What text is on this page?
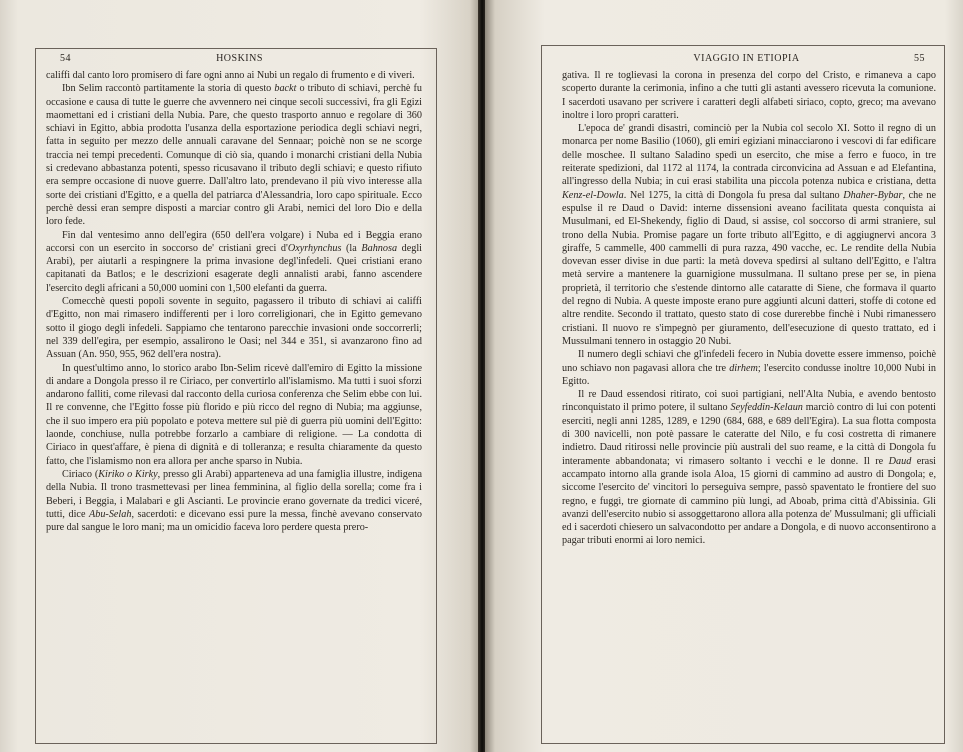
54	HOSKINS

califfi dal canto loro promisero di fare ogni anno ai Nubi un regalo di frumento e di viveri.

Ibn Selim raccontò partitamente la storia di questo backt o tributo di schiavi, perchè fu occasione e causa di tutte le guerre che avvennero nei cinque secoli successivi, fra gli Egizi maomettani ed i cristiani della Nubia. Pare, che questo trasporto annuo e regolare di 360 schiavi in Egitto, abbia prodotta l'usanza della esportazione periodica degli schiavi negri, fatta in seguito per mezzo delle annuali caravane del Sennaar; poichè non se ne scorge traccia nei tempi precedenti. Comunque di ciò sia, quando i monarchi cristiani della Nubia si credevano abbastanza potenti, spesso ricusavano il tributo degli schiavi; e questo rifiuto era sempre occasione di nuove guerre. Dall'altro lato, prendevano il più vivo interesse alla sorte dei cristiani d'Egitto, e a quella del patriarca d'Alessandria, loro capo spirituale. Ecco perchè dessi eran sempre disposti a marciar contro gli Arabi, nemici del loro Dio e della loro fede.

Fin dal ventesimo anno dell'egira (650 dell'era volgare) i Nuba ed i Beggia erano accorsi con un esercito in soccorso de' cristiani greci d'Oxyrhynchus (la Bahnosa degli Arabi), per aiutarli a respingnere la prima invasione degl'infedeli. Quei cristiani erano capitanati da Batlos; e le descrizioni esagerate degli annalisti arabi, fanno ascendere l'esercito degli africani a 50,000 uomini con 1,500 elefanti da guerra.

Comecchè questi popoli sovente in seguito, pagassero il tributo di schiavi ai califfi d'Egitto, non mai rimasero indifferenti per i loro correligionari, che in Egitto gemevano sotto il giogo degli infedeli. Sappiamo che tentarono parecchie invasioni onde soccorrerli; nel 339 dell'egira, per esempio, assalirono le Oasi; nel 344 e 351, si avanzarono fino ad Assuan (An. 950, 955, 962 dell'era nostra).

In quest'ultimo anno, lo storico arabo Ibn-Selim ricevè dall'emiro di Egitto la missione di andare a Dongola presso il re Ciriaco, per convertirlo all'islamismo. Ma tutti i suoi sforzi andarono falliti, come rilevasi dal racconto della curiosa conferenza che Selim ebbe con lui. Il re convenne, che l'Egitto fosse più florido e più ricco del regno di Nubia; ma aggiunse, che il suo impero era più popolato e poteva mettere sul piè di guerra più uomini dell'Egitto: laonde, conchiuse, nulla potrebbe forzarlo a cambiare di religione. — La condotta di Ciriaco in quest'affare, è piena di dignità e di tolleranza; e resulta chiaramente da questo fatto, che l'islamismo non era allora per anche sparso in Nubia.

Ciriaco (Kiriko o Kirky, presso gli Arabi) apparteneva ad una famiglia illustre, indigena della Nubia. Il trono trasmettevasi per linea femminina, al figlio della sorella; come fra i Beberi, i Beggia, i Malabari e gli Ascianti. Le provincie erano governate da tredici viceré, tutti, dice Abu-Selah, sacerdoti: e dicevano essi pure la messa, finchè avevano conservato pure dal sangue le loro mani; ma un omicidio faceva loro perdere questa prero-

VIAGGIO IN ETIOPIA	55

gativa. Il re toglievasi la corona in presenza del corpo del Cristo, e rimaneva a capo scoperto durante la cerimonia, infino a che tutti gli astanti avessero ricevuta la comunione. I sacerdoti usavano per scrivere i caratteri degli alfabeti siriaco, copto, greco; ma avevano inoltre i loro propri caratteri.

L'epoca de' grandi disastri, cominciò per la Nubia col secolo XI. Sotto il regno di un monarca per nome Basilio (1060), gli emiri egiziani minacciarono i vescovi di far edificare delle moschee. Il sultano Saladino spedì un esercito, che mise a ferro e fuoco, in tre reiterate spedizioni, dal 1172 al 1174, la contrada circonvicina ad Assuan e ad Elefantina, all'ingresso della Nubia; in cui erasi stabilita una piccola potenza nubica e cristiana, detta Kenz-el-Dowla. Nel 1275, la città di Dongola fu presa dal sultano Dhaher-Bybar, che ne espulse il re Daud o David: interne dissensioni aveano facilitata questa conquista ai Musulmani, ed El-Shekendy, figlio di Daud, si assise, col soccorso di armi straniere, sul trono della Nubia. Promise pagare un forte tributo all'Egitto, e di aggiugnervi ancora 3 giraffe, 5 cammelle, 400 cammelli di pura razza, 490 vacche, ec. Le rendite della Nubia dovevan esser divise in due parti: la metà doveva spedirsi al sultano dell'Egitto, e l'altra metà servire a mantenere la guarnigione mussulmana. Il sultano prese per se, in piena proprietà, il territorio che s'estende dintorno alle cataratte di Siene, che formava il quarto del regno di Nubia. A queste imposte erano pure aggiunti alcuni datteri, stoffe di cotone ed altre rendite. Secondo il trattato, questo stato di cose durerebbe finchè i Nubi rimanessero cristiani. Il nuovo re s'impegnò per giuramento, dell'esecuzione di questo trattato, ed i Mussulmani tennero in ostaggio 20 Nubi.

Il numero degli schiavi che gl'infedeli fecero in Nubia dovette essere immenso, poichè uno schiavo non pagavasi allora che tre dirhem; l'esercito condusse inoltre 10,000 Nubi in Egitto.

Il re Daud essendosi ritirato, coi suoi partigiani, nell'Alta Nubia, e avendo bentosto rinconquistato il primo potere, il sultano Seyfeddin-Kelaun marciò contro di lui con potenti eserciti, negli anni 1285, 1289, e 1290 (684, 688, e 689 dell'Egira). La sua flotta composta di 300 navicelli, non potè passare le cateratte del Nilo, e fu così costretta di rimanere indietro. Daud ritirossi nelle provincie più australi del suo reame, e la città di Dongola fu interamente abbandonata; vi rimasero soltanto i vecchi e le donne. Il re Daud erasi accampato intorno alla grande isola Aloa, 15 giorni di cammino ad austro di Dongola; e, siccome l'esercito de' vincitori lo perseguiva sempre, passò spaventato le frontiere del suo regno, e fuggì, tre giornate di cammino più lungi, ad Aboab, prima città d'Abissinia. Gli avanzi dell'esercito nubio si assoggettarono allora alla potenza de' Mussulmani; gli ufficiali ed i sacerdoti chiesero un salvacondotto per andare a Dongola, e di nuovo acconsentirono a pagar tributi enormi ai loro nemici.
